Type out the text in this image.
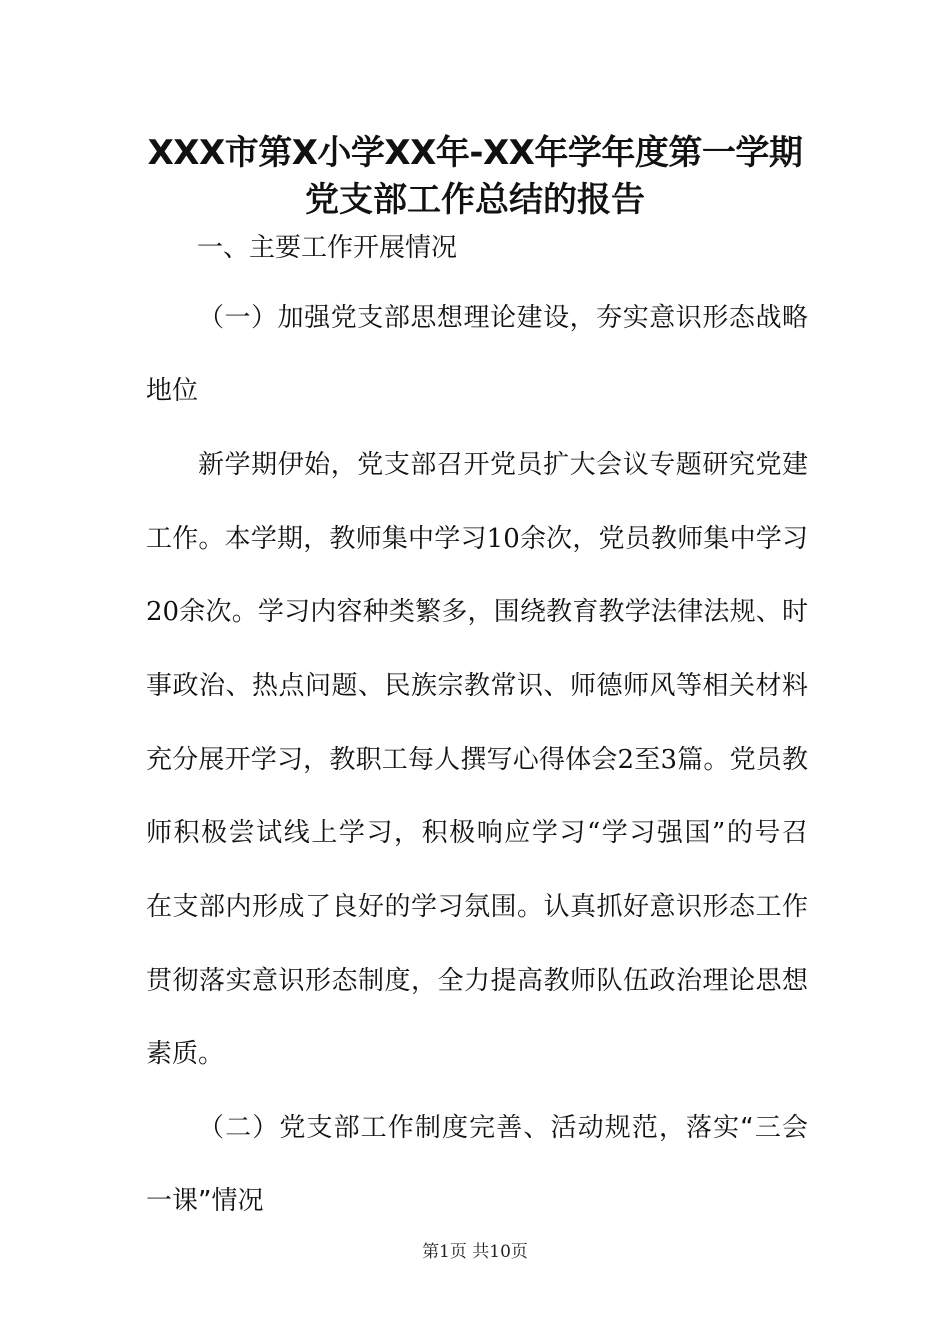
XXX市第X小学XX年-XX年学年度第一学期
党支部工作总结的报告
一、主要工作开展情况
（一）加强党支部思想理论建设，夯实意识形态战略
地位
新学期伊始，党支部召开党员扩大会议专题研究党建
工作。本学期，教师集中学习10余次，党员教师集中学习
20余次。学习内容种类繁多，围绕教育教学法律法规、时
事政治、热点问题、民族宗教常识、师德师风等相关材料
充分展开学习，教职工每人撰写心得体会2至3篇。党员教
师积极尝试线上学习，积极响应学习“学习强国”的号召
在支部内形成了良好的学习氛围。认真抓好意识形态工作
贯彻落实意识形态制度，全力提高教师队伍政治理论思想
素质。
（二）党支部工作制度完善、活动规范，落实“三会
一课”情况
第1页 共10页
